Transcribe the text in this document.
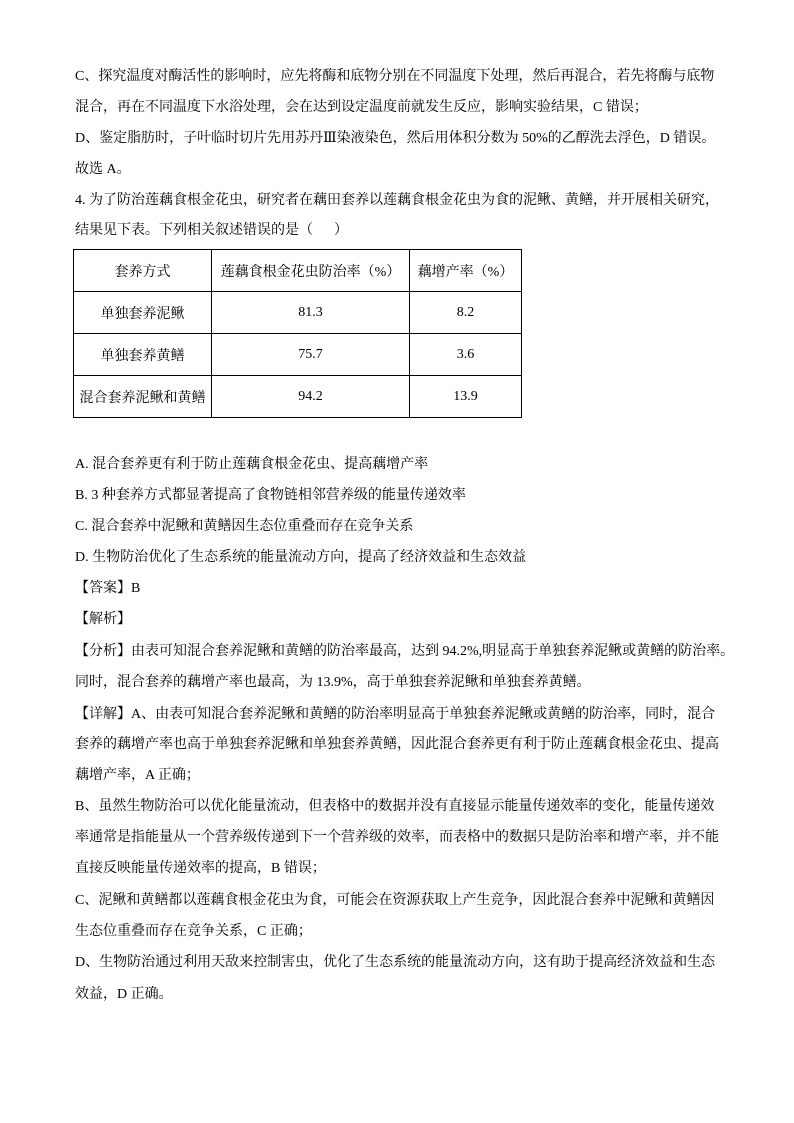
C、探究温度对酶活性的影响时，应先将酶和底物分别在不同温度下处理，然后再混合，若先将酶与底物
混合，再在不同温度下水浴处理，会在达到设定温度前就发生反应，影响实验结果，C 错误；
D、鉴定脂肪时，子叶临时切片先用苏丹Ⅲ染液染色，然后用体积分数为 50%的乙醇洗去浮色，D 错误。
故选 A。
4. 为了防治莲藕食根金花虫，研究者在藕田套养以莲藕食根金花虫为食的泥鳅、黄鳝，并开展相关研究，
结果见下表。下列相关叙述错误的是（      ）
套养方式	莲藕食根金花虫防治率（%）	藕增产率（%）
单独套养泥鳅	81.3	8.2
单独套养黄鳝	75.7	3.6
混合套养泥鳅和黄鳝	94.2	13.9
A. 混合套养更有利于防止莲藕食根金花虫、提高藕增产率
B. 3 种套养方式都显著提高了食物链相邻营养级的能量传递效率
C. 混合套养中泥鳅和黄鳝因生态位重叠而存在竞争关系
D. 生物防治优化了生态系统的能量流动方向，提高了经济效益和生态效益
【答案】B
【解析】
【分析】由表可知混合套养泥鳅和黄鳝的防治率最高，达到 94.2%,明显高于单独套养泥鳅或黄鳝的防治率。
同时，混合套养的藕增产率也最高，为 13.9%，高于单独套养泥鳅和单独套养黄鳝。
【详解】A、由表可知混合套养泥鳅和黄鳝的防治率明显高于单独套养泥鳅或黄鳝的防治率，同时，混合
套养的藕增产率也高于单独套养泥鳅和单独套养黄鳝，因此混合套养更有利于防止莲藕食根金花虫、提高
藕增产率，A 正确；
B、虽然生物防治可以优化能量流动，但表格中的数据并没有直接显示能量传递效率的变化，能量传递效
率通常是指能量从一个营养级传递到下一个营养级的效率，而表格中的数据只是防治率和增产率，并不能
直接反映能量传递效率的提高，B 错误；
C、泥鳅和黄鳝都以莲藕食根金花虫为食，可能会在资源获取上产生竞争，因此混合套养中泥鳅和黄鳝因
生态位重叠而存在竞争关系，C 正确；
D、生物防治通过利用天敌来控制害虫，优化了生态系统的能量流动方向，这有助于提高经济效益和生态
效益，D 正确。
